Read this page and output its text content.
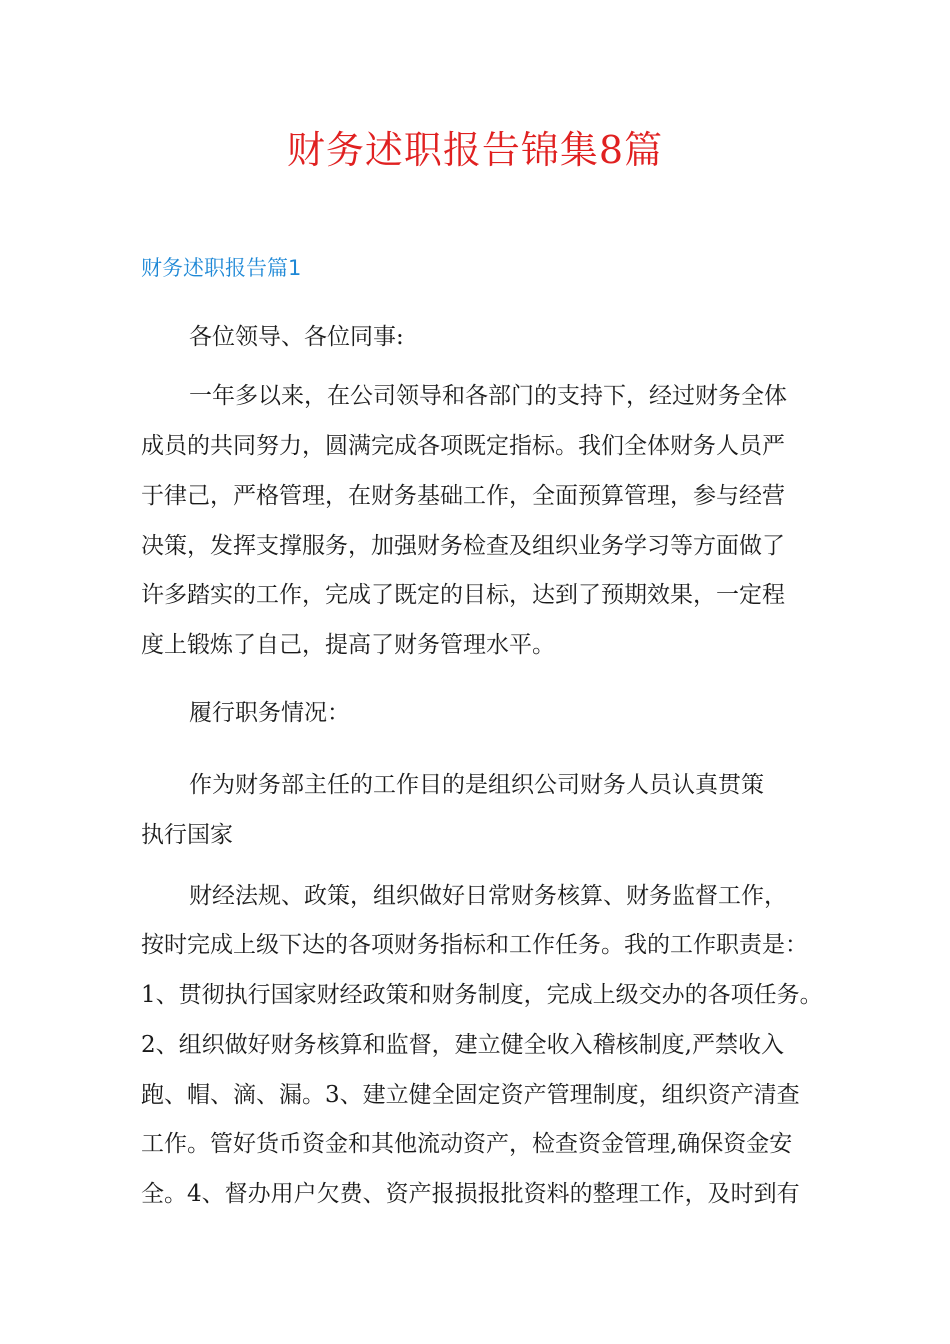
财务述职报告锦集8篇
财务述职报告篇1

各位领导、各位同事:

一年多以来，在公司领导和各部门的支持下，经过财务全体

成员的共同努力，圆满完成各项既定指标。我们全体财务人员严

于律己，严格管理，在财务基础工作，全面预算管理，参与经营

决策，发挥支撑服务，加强财务检查及组织业务学习等方面做了

许多踏实的工作，完成了既定的目标，达到了预期效果，一定程

度上锻炼了自己，提高了财务管理水平。

履行职务情况：

作为财务部主任的工作目的是组织公司财务人员认真贯策

执行国家

财经法规、政策，组织做好日常财务核算、财务监督工作，

按时完成上级下达的各项财务指标和工作任务。我的工作职责是：

1、贯彻执行国家财经政策和财务制度，完成上级交办的各项任务。

2、组织做好财务核算和监督，建立健全收入稽核制度,严禁收入

跑、帽、滴、漏。3、建立健全固定资产管理制度，组织资产清查

工作。管好货币资金和其他流动资产，检查资金管理,确保资金安

全。4、督办用户欠费、资产报损报批资料的整理工作，及时到有
